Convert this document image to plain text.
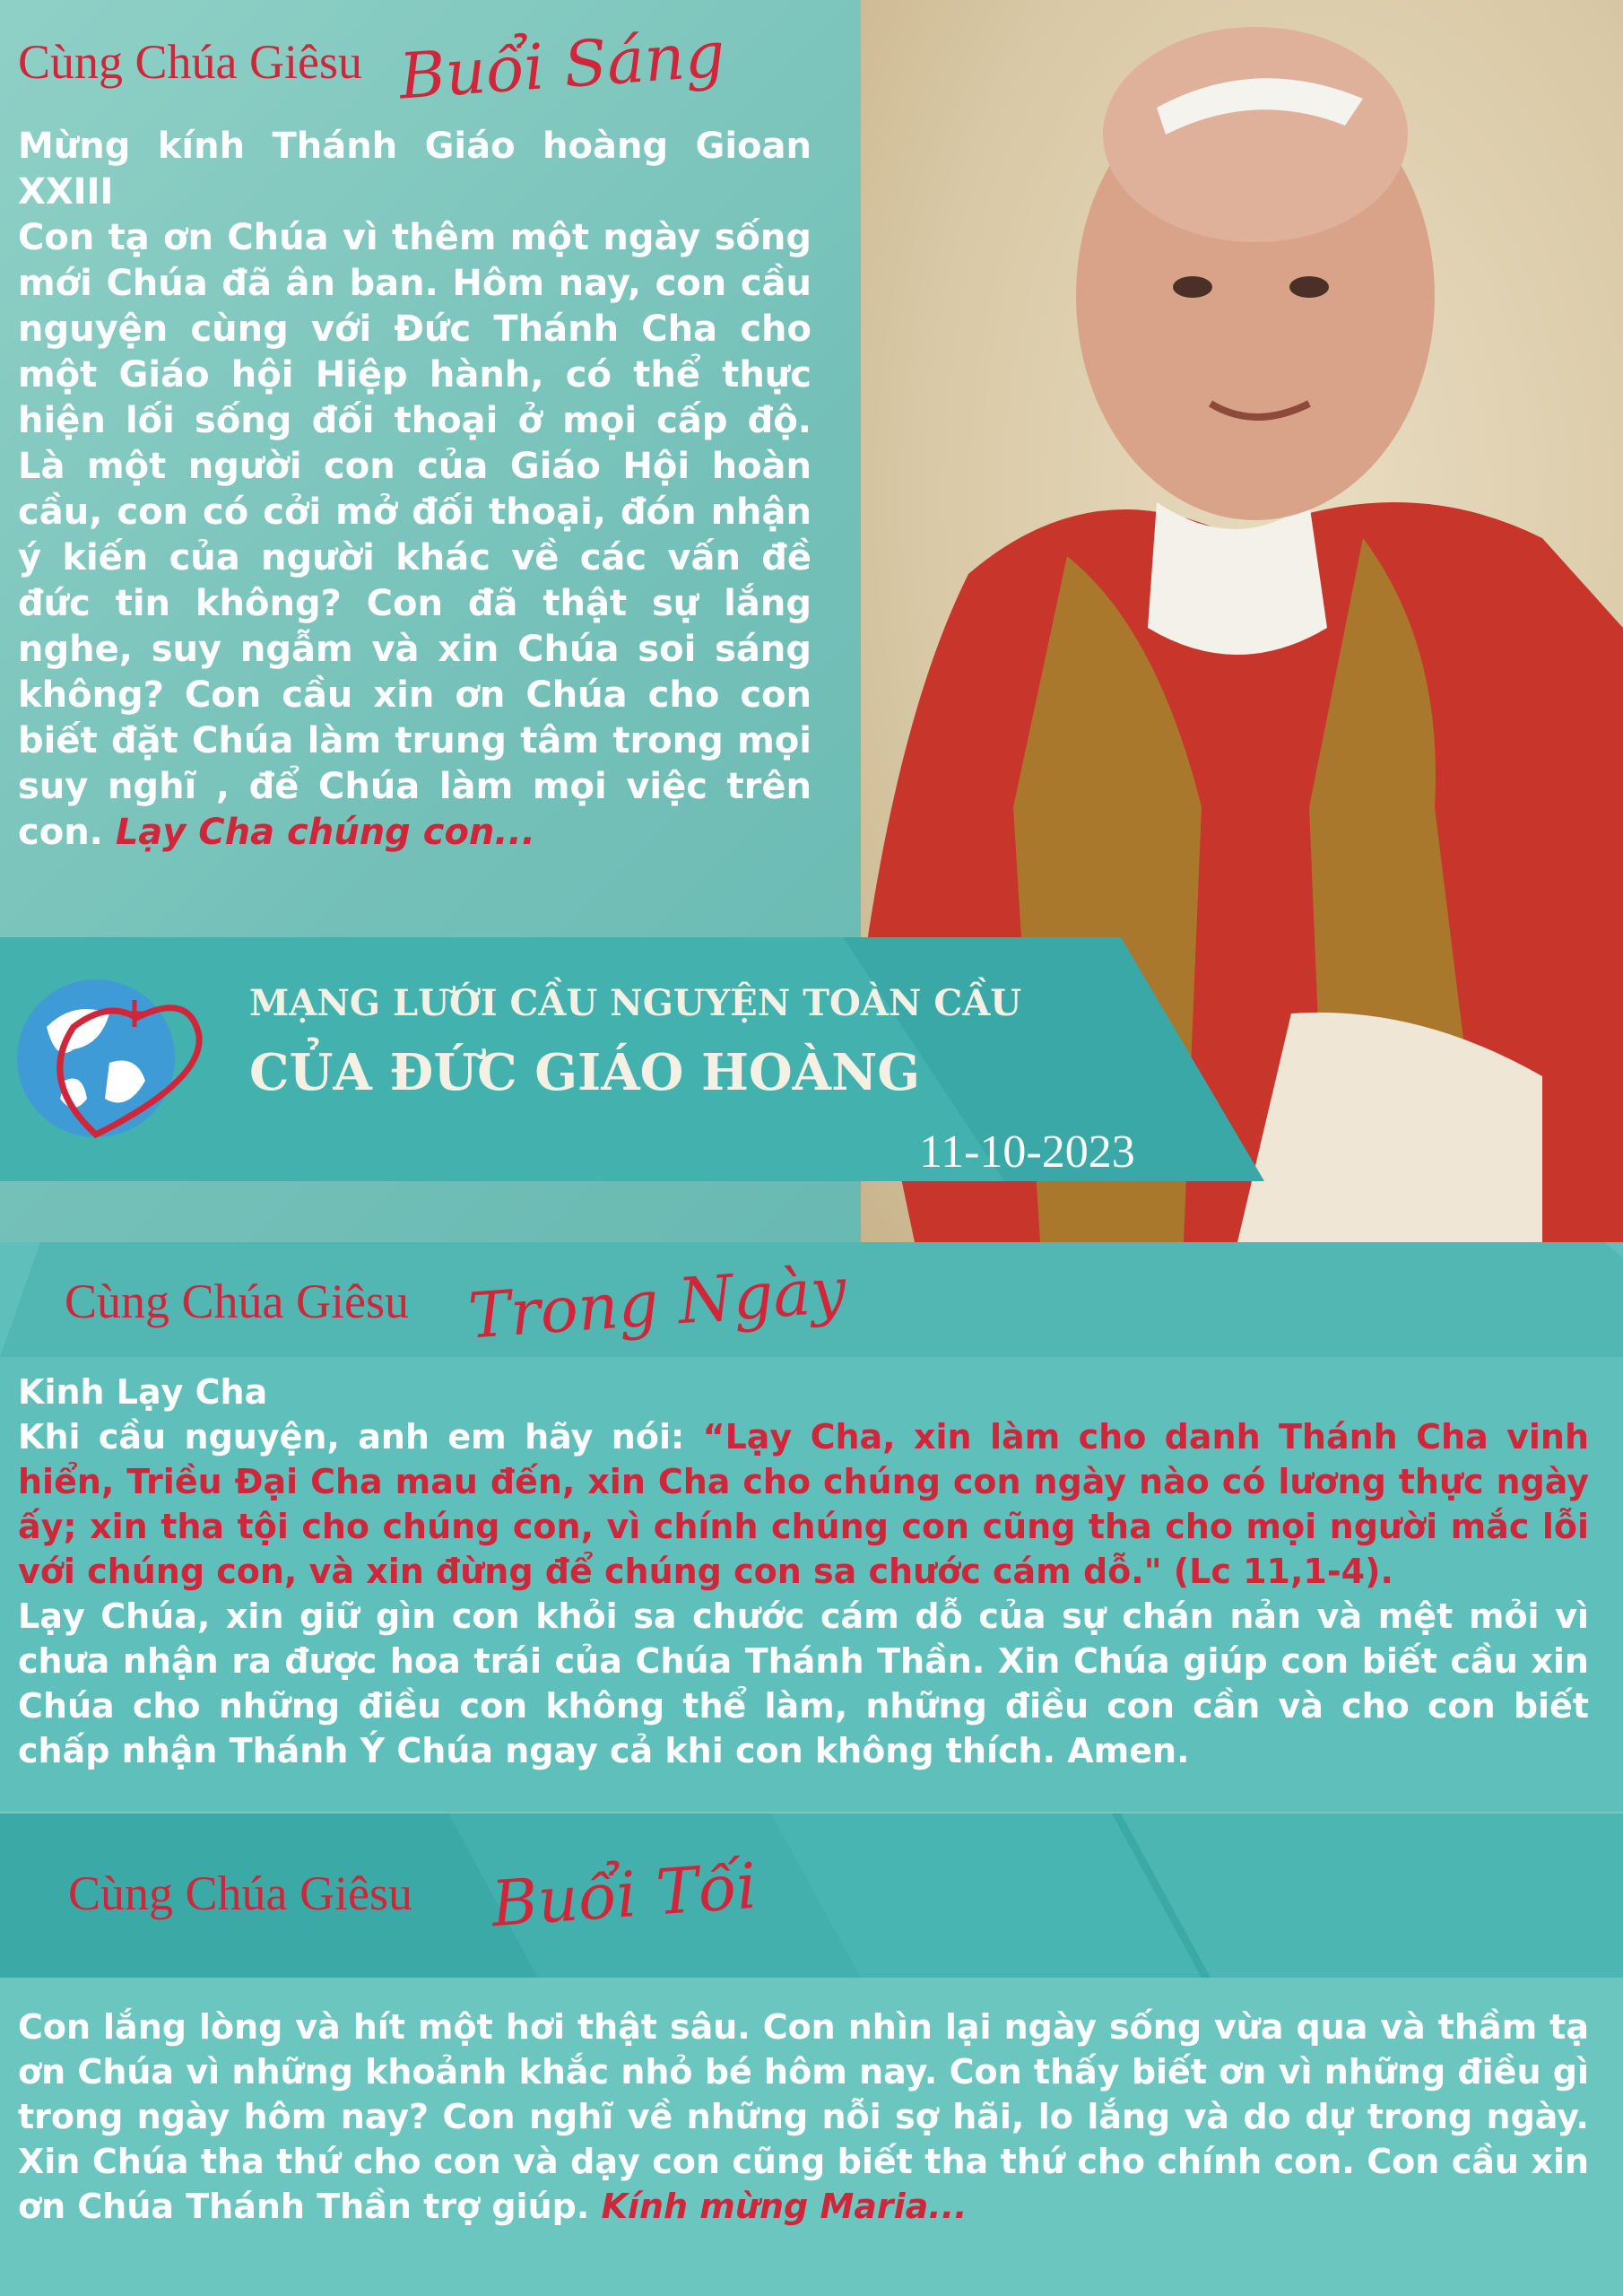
Cùng Chúa Giêsu Buổi Sáng

Mừng kính Thánh Giáo hoàng Gioan XXIII

Con tạ ơn Chúa vì thêm một ngày sống mới Chúa đã ân ban. Hôm nay, con cầu nguyện cùng với Đức Thánh Cha cho một Giáo hội Hiệp hành, có thể thực hiện lối sống đối thoại ở mọi cấp độ. Là một người con của Giáo Hội hoàn cầu, con có cởi mở đối thoại, đón nhận ý kiến của người khác về các vấn đề đức tin không? Con đã thật sự lắng nghe, suy ngẫm và xin Chúa soi sáng không? Con cầu xin ơn Chúa cho con biết đặt Chúa làm trung tâm trong mọi suy nghĩ , để Chúa làm mọi việc trên con. Lạy Cha chúng con...

MẠNG LƯỚI CẦU NGUYỆN TOÀN CẦU
CỦA ĐỨC GIÁO HOÀNG
11-10-2023
Cùng Chúa Giêsu Trong Ngày

Kinh Lạy Cha

Khi cầu nguyện, anh em hãy nói: “Lạy Cha, xin làm cho danh Thánh Cha vinh hiển, Triều Đại Cha mau đến, xin Cha cho chúng con ngày nào có lương thực ngày ấy; xin tha tội cho chúng con, vì chính chúng con cũng tha cho mọi người mắc lỗi với chúng con, và xin đừng để chúng con sa chước cám dỗ." (Lc 11,1-4).

Lạy Chúa, xin giữ gìn con khỏi sa chước cám dỗ của sự chán nản và mệt mỏi vì chưa nhận ra được hoa trái của Chúa Thánh Thần. Xin Chúa giúp con biết cầu xin Chúa cho những điều con không thể làm, những điều con cần và cho con biết chấp nhận Thánh Ý Chúa ngay cả khi con không thích. Amen.

Cùng Chúa Giêsu Buổi Tối

Con lắng lòng và hít một hơi thật sâu. Con nhìn lại ngày sống vừa qua và thầm tạ ơn Chúa vì những khoảnh khắc nhỏ bé hôm nay. Con thấy biết ơn vì những điều gì trong ngày hôm nay? Con nghĩ về những nỗi sợ hãi, lo lắng và do dự trong ngày. Xin Chúa tha thứ cho con và dạy con cũng biết tha thứ cho chính con. Con cầu xin ơn Chúa Thánh Thần trợ giúp. Kính mừng Maria...
